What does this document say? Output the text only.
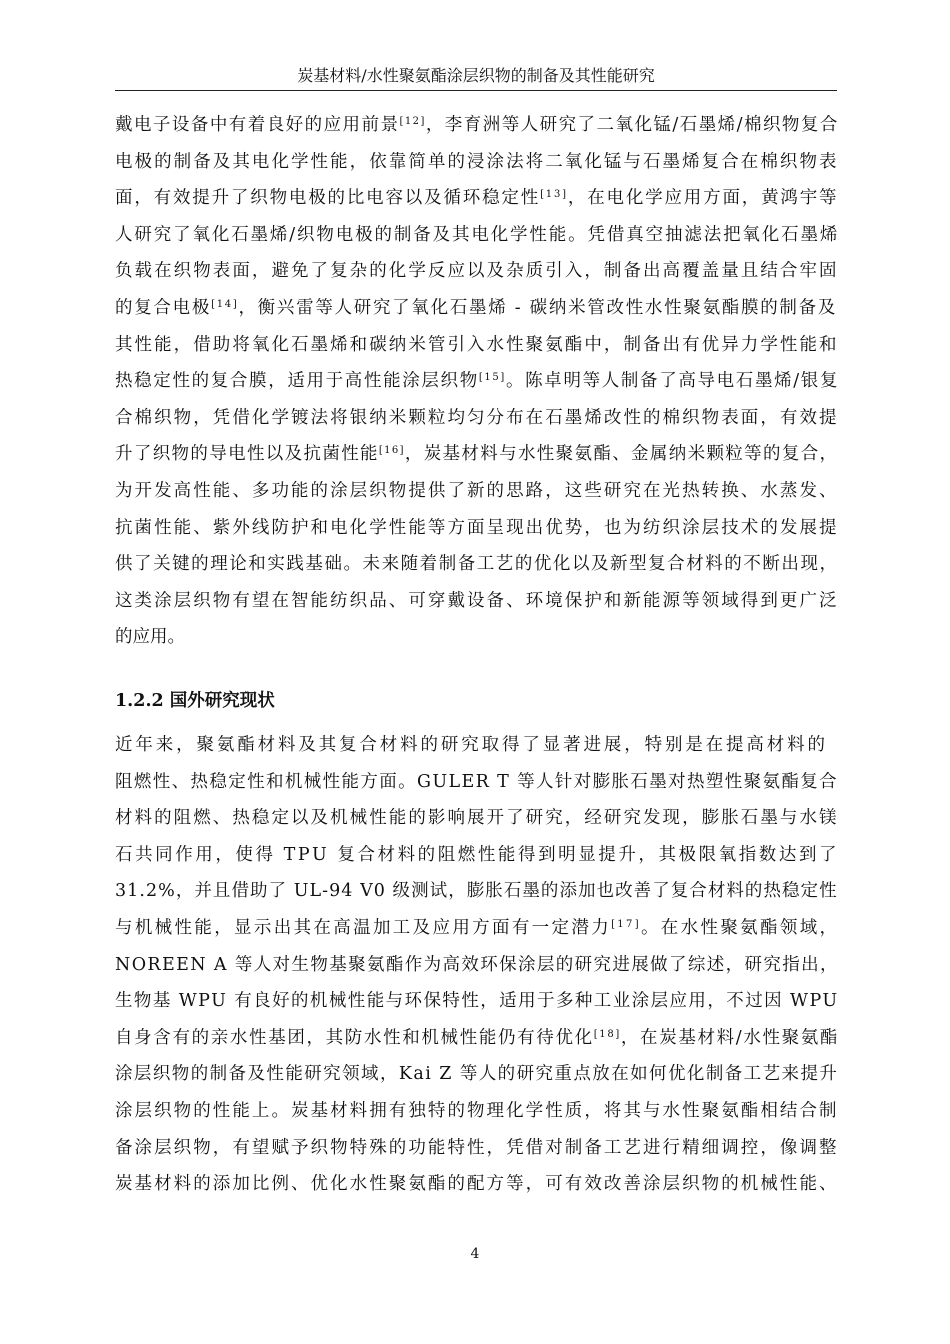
炭基材料/水性聚氨酯涂层织物的制备及其性能研究
戴电子设备中有着良好的应用前景[12]，李育洲等人研究了二氧化锰/石墨烯/棉织物复合
电极的制备及其电化学性能，依靠简单的浸涂法将二氧化锰与石墨烯复合在棉织物表
面，有效提升了织物电极的比电容以及循环稳定性[13]，在电化学应用方面，黄鸿宇等
人研究了氧化石墨烯/织物电极的制备及其电化学性能。凭借真空抽滤法把氧化石墨烯
负载在织物表面，避免了复杂的化学反应以及杂质引入，制备出高覆盖量且结合牢固
的复合电极[14]，衡兴雷等人研究了氧化石墨烯 - 碳纳米管改性水性聚氨酯膜的制备及
其性能，借助将氧化石墨烯和碳纳米管引入水性聚氨酯中，制备出有优异力学性能和
热稳定性的复合膜，适用于高性能涂层织物[15]。陈卓明等人制备了高导电石墨烯/银复
合棉织物，凭借化学镀法将银纳米颗粒均匀分布在石墨烯改性的棉织物表面，有效提
升了织物的导电性以及抗菌性能[16]，炭基材料与水性聚氨酯、金属纳米颗粒等的复合，
为开发高性能、多功能的涂层织物提供了新的思路，这些研究在光热转换、水蒸发、
抗菌性能、紫外线防护和电化学性能等方面呈现出优势，也为纺织涂层技术的发展提
供了关键的理论和实践基础。未来随着制备工艺的优化以及新型复合材料的不断出现，
这类涂层织物有望在智能纺织品、可穿戴设备、环境保护和新能源等领域得到更广泛
的应用。
1.2.2 国外研究现状
近年来，聚氨酯材料及其复合材料的研究取得了显著进展，特别是在提高材料的
阻燃性、热稳定性和机械性能方面。GULER T 等人针对膨胀石墨对热塑性聚氨酯复合
材料的阻燃、热稳定以及机械性能的影响展开了研究，经研究发现，膨胀石墨与水镁
石共同作用，使得 TPU 复合材料的阻燃性能得到明显提升，其极限氧指数达到了
31.2%，并且借助了 UL-94 V0 级测试，膨胀石墨的添加也改善了复合材料的热稳定性
与机械性能，显示出其在高温加工及应用方面有一定潜力[17]。在水性聚氨酯领域，
NOREEN A 等人对生物基聚氨酯作为高效环保涂层的研究进展做了综述，研究指出，
生物基 WPU 有良好的机械性能与环保特性，适用于多种工业涂层应用，不过因 WPU
自身含有的亲水性基团，其防水性和机械性能仍有待优化[18]，在炭基材料/水性聚氨酯
涂层织物的制备及性能研究领域，Kai Z 等人的研究重点放在如何优化制备工艺来提升
涂层织物的性能上。炭基材料拥有独特的物理化学性质，将其与水性聚氨酯相结合制
备涂层织物，有望赋予织物特殊的功能特性，凭借对制备工艺进行精细调控，像调整
炭基材料的添加比例、优化水性聚氨酯的配方等，可有效改善涂层织物的机械性能、
4
